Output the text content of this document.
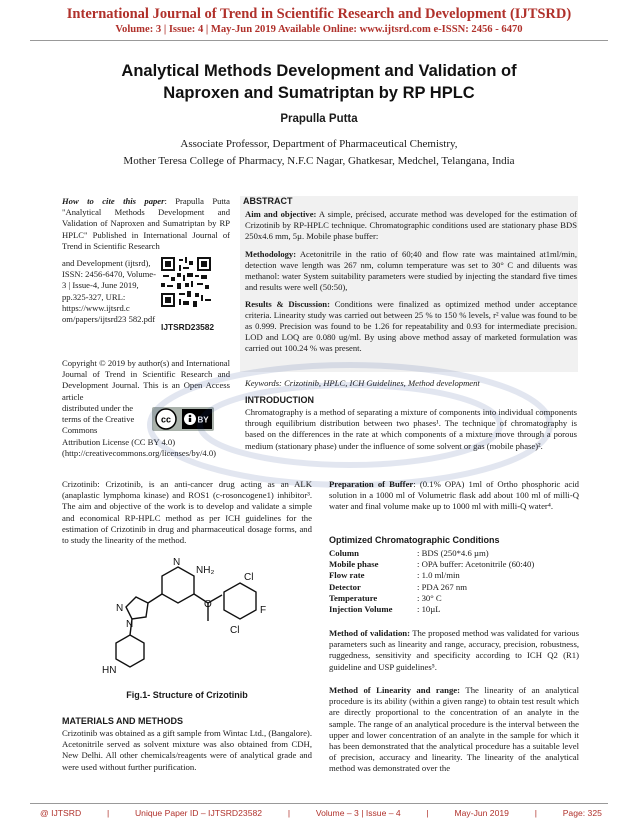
International Journal of Trend in Scientific Research and Development (IJTSRD)
Volume: 3 | Issue: 4 | May-Jun 2019 Available Online: www.ijtsrd.com e-ISSN: 2456 - 6470
Analytical Methods Development and Validation of
Naproxen and Sumatriptan by RP HPLC
Prapulla Putta
Associate Professor, Department of Pharmaceutical Chemistry,
Mother Teresa College of Pharmacy, N.F.C Nagar, Ghatkesar, Medchel, Telangana, India
How to cite this paper: Prapulla Putta "Analytical Methods Development and Validation of Naproxen and Sumatriptan by RP HPLC" Published in International Journal of Trend in Scientific Research
and Development (ijtsrd), ISSN: 2456-6470, Volume-3 | Issue-4, June 2019, pp.325-327, URL: https://www.ijtsrd.c om/papers/ijtsrd23 582.pdf
IJTSRD23582
Copyright © 2019 by author(s) and International Journal of Trend in Scientific Research and Development Journal. This is an Open Access article
distributed under the terms of the Creative Commons
cc	BY
Attribution License (CC BY 4.0) (http://creativecommons.org/licenses/by/4.0)
ABSTRACT
Aim and objective: A simple, précised, accurate method was developed for the estimation of Crizotinib by RP-HPLC technique. Chromatographic conditions used are stationary phase BDS 250x4.6 mm, 5µ. Mobile phase buffer:
Methodology: Acetonitrile in the ratio of 60;40 and flow rate was maintained at1ml/min, detection wave length was 267 nm, column temperature was set to 30° C and diluents was methanol: water System suitability parameters were studied by injecting the standard five times and results were well (50:50),
Results & Discussion: Conditions were finalized as optimized method under acceptance criteria. Linearity study was carried out between 25 % to 150 % levels, r² value was found to be as 0.999. Precision was found to be 1.26 for repeatability and 0.93 for intermediate precision. LOD and LOQ are 0.080 ug/ml. By using above method assay of marketed formulation was carried out 100.24 % was present.
Keywords: Crizotinib, HPLC, ICH Guidelines, Method development
INTRODUCTION
Chromatography is a method of separating a mixture of components into individual components through equilibrium distribution between two phases¹. The technique of chromatography is based on the differences in the rate at which components of a mixture move through a porous medium (stationary phase) under the influence of some solvent or gas (mobile phase)².
Crizotinib: Crizotinib, is an anti-cancer drug acting as an ALK (anaplastic lymphoma kinase) and ROS1 (c-rosoncogene1) inhibitor³. The aim and objective of the work is to develop and validate a simple and economical RP-HPLC method as per ICH guidelines for the estimation of Crizotinib in drug and pharmaceutical dosage forms, and to study the linearity of the method.
N
NH₂
Cl
F
O
Cl
N
N
HN
Fig.1- Structure of Crizotinib
MATERIALS AND METHODS
Crizotinib was obtained as a gift sample from Wintac Ltd., (Bangalore). Acetonitrile served as solvent mixture was also obtained from CDH, New Delhi. All other chemicals/reagents were of analytical grade and were used without further purification.
Preparation of Buffer: (0.1% OPA) 1ml of Ortho phosphoric acid solution in a 1000 ml of Volumetric flask add about 100 ml of milli-Q water and final volume make up to 1000 ml with milli-Q water⁴.
Optimized Chromatographic Conditions
Column	: BDS (250*4.6 µm)
Mobile phase	: OPA buffer: Acetonitrile (60:40)
Flow rate	: 1.0 ml/min
Detector	: PDA 267 nm
Temperature	: 30° C
Injection Volume	: 10µL
Method of validation: The proposed method was validated for various parameters such as linearity and range, accuracy, precision, robustness, ruggedness, sensitivity and specificity according to ICH Q2 (R1) guideline and USP guidelines⁵.
Method of Linearity and range: The linearity of an analytical procedure is its ability (within a given range) to obtain test result which are directly proportional to the concentration of an analyte in the sample. The range of an analytical procedure is the interval between the upper and lower concentration of an analyte in the sample for which it has been demonstrated that the analytical procedure has a suitable level of precision, accuracy and linearity. The linearity of the analytical method was demonstrated over the
@ IJTSRD	|	Unique Paper ID – IJTSRD23582	|	Volume – 3 | Issue – 4	|	May-Jun 2019	|	Page: 325
